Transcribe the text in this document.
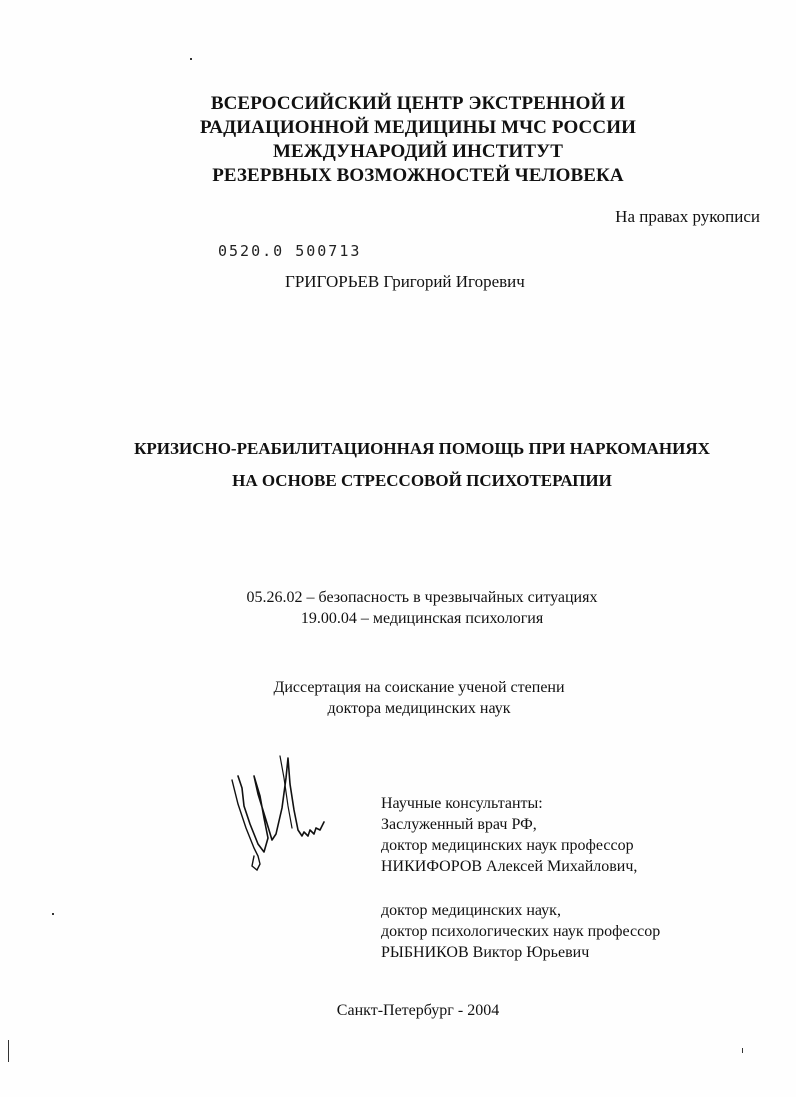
ВСЕРОССИЙСКИЙ ЦЕНТР ЭКСТРЕННОЙ И
РАДИАЦИОННОЙ МЕДИЦИНЫ МЧС РОССИИ
МЕЖДУНАРОДИЙ ИНСТИТУТ
РЕЗЕРВНЫХ ВОЗМОЖНОСТЕЙ ЧЕЛОВЕКА
На правах рукописи
0520.0 500713
ГРИГОРЬЕВ Григорий Игоревич
КРИЗИСНО-РЕАБИЛИТАЦИОННАЯ ПОМОЩЬ ПРИ НАРКОМАНИЯХ
НА ОСНОВЕ СТРЕССОВОЙ ПСИХОТЕРАПИИ
05.26.02 – безопасность в чрезвычайных ситуациях
19.00.04 – медицинская психология
Диссертация на соискание ученой степени
доктора медицинских наук
Научные консультанты:
Заслуженный врач РФ,
доктор медицинских наук профессор
НИКИФОРОВ Алексей Михайлович,
доктор медицинских наук,
доктор психологических наук профессор
РЫБНИКОВ Виктор Юрьевич
Санкт-Петербург - 2004
